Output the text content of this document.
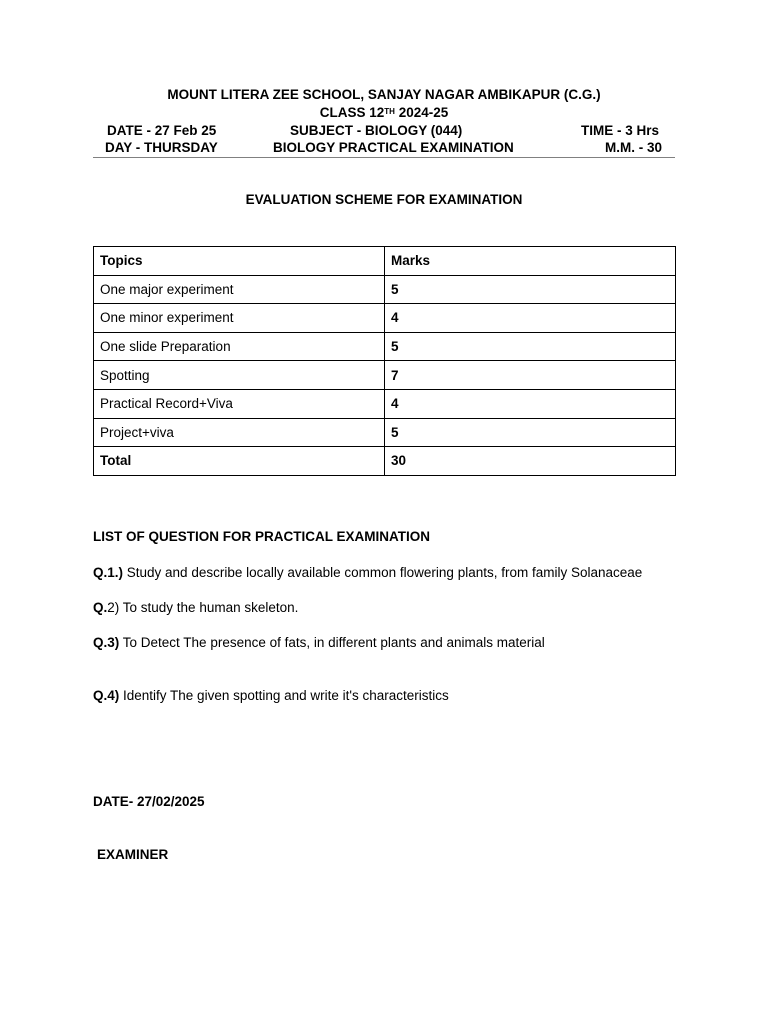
MOUNT LITERA ZEE SCHOOL, SANJAY NAGAR AMBIKAPUR (C.G.)
CLASS 12TH 2024-25
DATE - 27 Feb 25	SUBJECT - BIOLOGY (044)	TIME - 3 Hrs
DAY - THURSDAY	BIOLOGY PRACTICAL EXAMINATION	M.M. - 30
EVALUATION SCHEME FOR EXAMINATION
Topics	Marks
One major experiment	5
One minor experiment	4
One slide Preparation	5
Spotting	7
Practical Record+Viva	4
Project+viva	5
Total	30
LIST OF QUESTION FOR PRACTICAL EXAMINATION
Q.1.) Study and describe locally available common flowering plants, from family Solanaceae
Q.2) To study the human skeleton.
Q.3) To Detect The presence of fats, in different plants and animals material
Q.4) Identify The given spotting and write it's characteristics
DATE- 27/02/2025
EXAMINER
